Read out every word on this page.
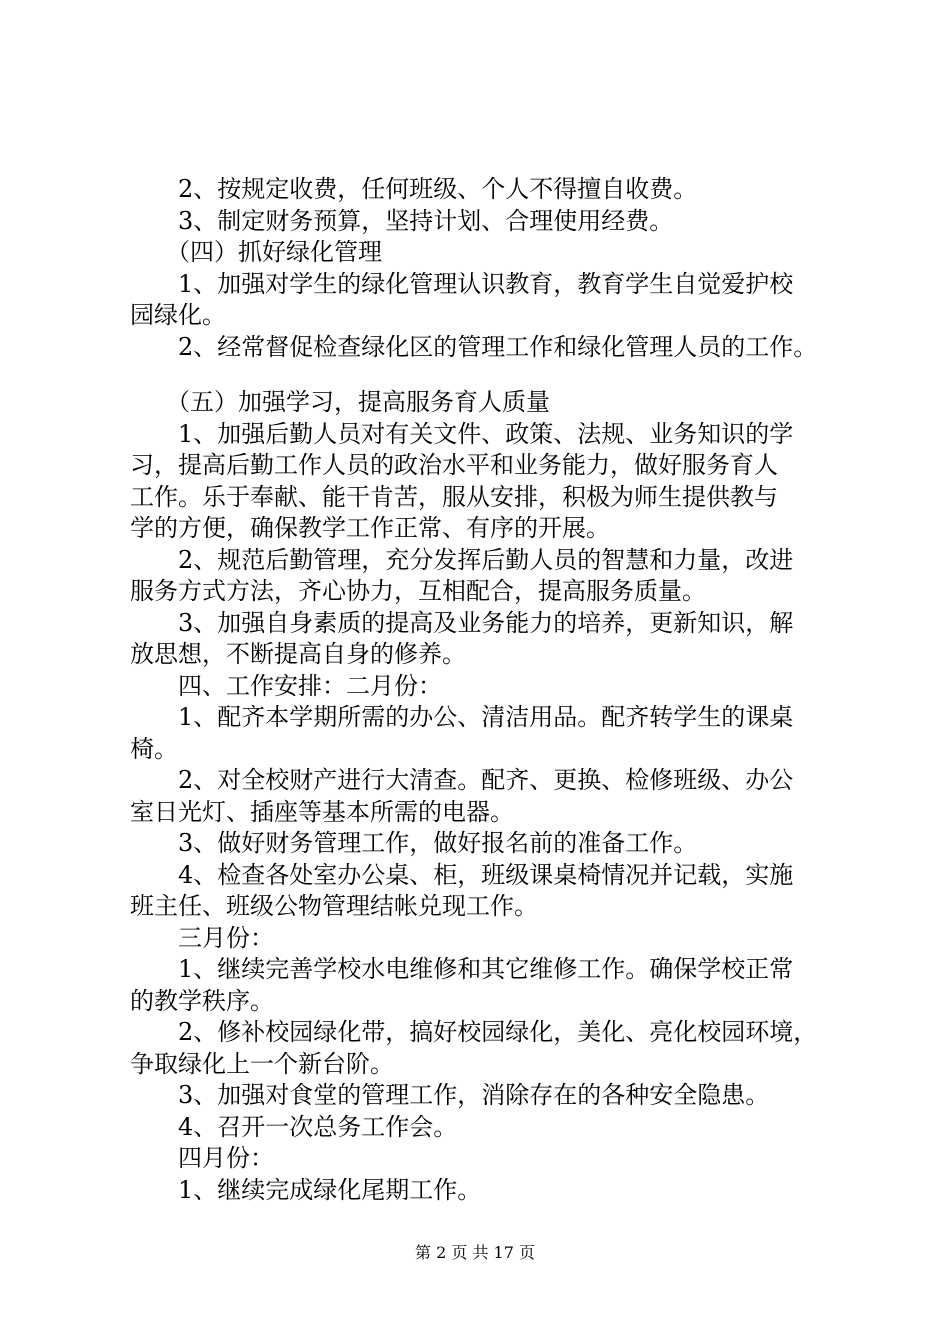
　　2、按规定收费，任何班级、个人不得擅自收费。
　　3、制定财务预算，坚持计划、合理使用经费。
　　（四）抓好绿化管理
　　1、加强对学生的绿化管理认识教育，教育学生自觉爱护校
园绿化。
　　2、经常督促检查绿化区的管理工作和绿化管理人员的工作。
　　（五）加强学习，提高服务育人质量
　　1、加强后勤人员对有关文件、政策、法规、业务知识的学
习，提高后勤工作人员的政治水平和业务能力，做好服务育人
工作。乐于奉献、能干肯苦，服从安排，积极为师生提供教与
学的方便，确保教学工作正常、有序的开展。
　　2、规范后勤管理，充分发挥后勤人员的智慧和力量，改进
服务方式方法，齐心协力，互相配合，提高服务质量。
　　3、加强自身素质的提高及业务能力的培养，更新知识，解
放思想，不断提高自身的修养。
　　四、工作安排：二月份：
　　1、配齐本学期所需的办公、清洁用品。配齐转学生的课桌
椅。
　　2、对全校财产进行大清查。配齐、更换、检修班级、办公
室日光灯、插座等基本所需的电器。
　　3、做好财务管理工作，做好报名前的准备工作。
　　4、检查各处室办公桌、柜，班级课桌椅情况并记载，实施
班主任、班级公物管理结帐兑现工作。
　　三月份：
　　1、继续完善学校水电维修和其它维修工作。确保学校正常
的教学秩序。
　　2、修补校园绿化带，搞好校园绿化，美化、亮化校园环境，
争取绿化上一个新台阶。
　　3、加强对食堂的管理工作，消除存在的各种安全隐患。
　　4、召开一次总务工作会。
　　四月份：
　　1、继续完成绿化尾期工作。
第 2 页 共 17 页
